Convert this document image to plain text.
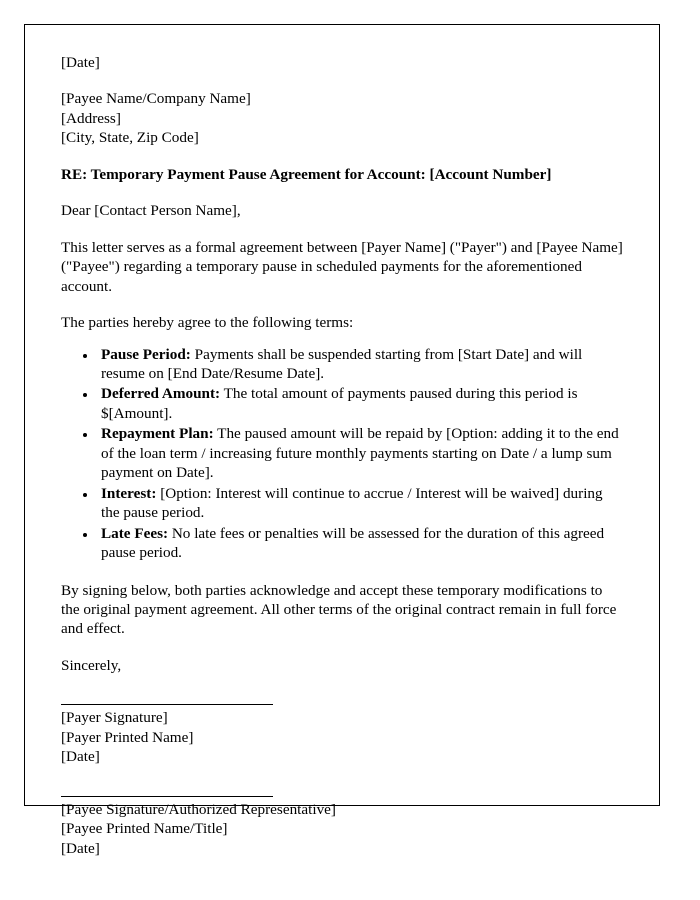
[Date]
[Payee Name/Company Name]
[Address]
[City, State, Zip Code]
RE: Temporary Payment Pause Agreement for Account: [Account Number]
Dear [Contact Person Name],

This letter serves as a formal agreement between [Payer Name] ("Payer") and [Payee Name] ("Payee") regarding a temporary pause in scheduled payments for the aforementioned account.

The parties hereby agree to the following terms:

• Pause Period: Payments shall be suspended starting from [Start Date] and will resume on [End Date/Resume Date].
• Deferred Amount: The total amount of payments paused during this period is $[Amount].
• Repayment Plan: The paused amount will be repaid by [Option: adding it to the end of the loan term / increasing future monthly payments starting on Date / a lump sum payment on Date].
• Interest: [Option: Interest will continue to accrue / Interest will be waived] during the pause period.
• Late Fees: No late fees or penalties will be assessed for the duration of this agreed pause period.

By signing below, both parties acknowledge and accept these temporary modifications to the original payment agreement. All other terms of the original contract remain in full force and effect.

Sincerely,
[Payer Signature]
[Payer Printed Name]
[Date]
[Payee Signature/Authorized Representative]
[Payee Printed Name/Title]
[Date]
